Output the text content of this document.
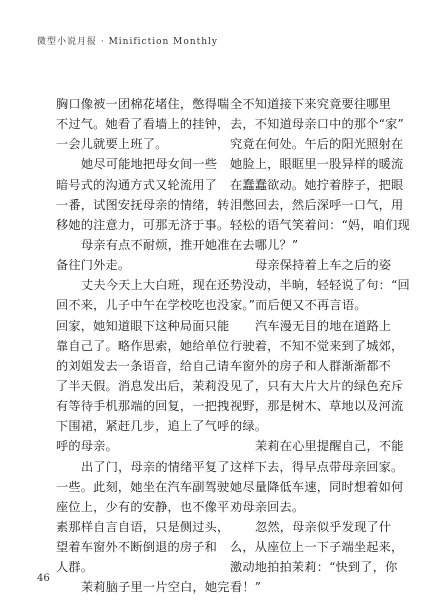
微型小说月报 · Minifiction Monthly
胸口像被一团棉花堵住，憋得喘
不过气。她看了看墙上的挂钟，
一会儿就要上班了。
她尽可能地把母女间一些
暗号式的沟通方式又轮流用了
一番，试图安抚母亲的情绪，转
移她的注意力，可那无济于事。
母亲有点不耐烦，推开她准
备往门外走。
丈夫今天上大白班，现在还
回不来，儿子中午在学校吃也没
回家，她知道眼下这种局面只能
靠自己了。略作思索，她给单位
的刘姐发去一条语音，给自己请
了半天假。消息发出后，茉莉没
有等待手机那端的回复，一把拽
下围裙，紧赶几步，追上了气呼
呼的母亲。
出了门，母亲的情绪平复了
一些。此刻，她坐在汽车副驾驶
座位上，少有的安静，也不像平
素那样自言自语，只是侧过头，
望着车窗外不断倒退的房子和
人群。
茉莉脑子里一片空白，她完
全不知道接下来究竟要往哪里
去，不知道母亲口中的那个“家”
究竟在何处。午后的阳光照射在
她脸上，眼眶里一股异样的暖流
在蠢蠢欲动。她拧着脖子，把眼
泪憋回去，然后深呼一口气，用
轻松的语气笑着问：“妈，咱们现
在去哪儿？”
母亲保持着上车之后的姿
势没动，半晌，轻轻说了句：“回
家。”而后便又不再言语。
汽车漫无目的地在道路上
行驶着，不知不觉来到了城郊，
车窗外的房子和人群渐渐都不
见了，只有大片大片的绿色充斥
视野，那是树木、草地以及河流
的绿。
茉莉在心里提醒自己，不能
这样下去，得早点带母亲回家。
她尽量降低车速，同时想着如何
劝母亲回去。
忽然，母亲似乎发现了什
么，从座位上一下子端坐起来，
激动地拍拍茉莉：“快到了，你
看！”
46
